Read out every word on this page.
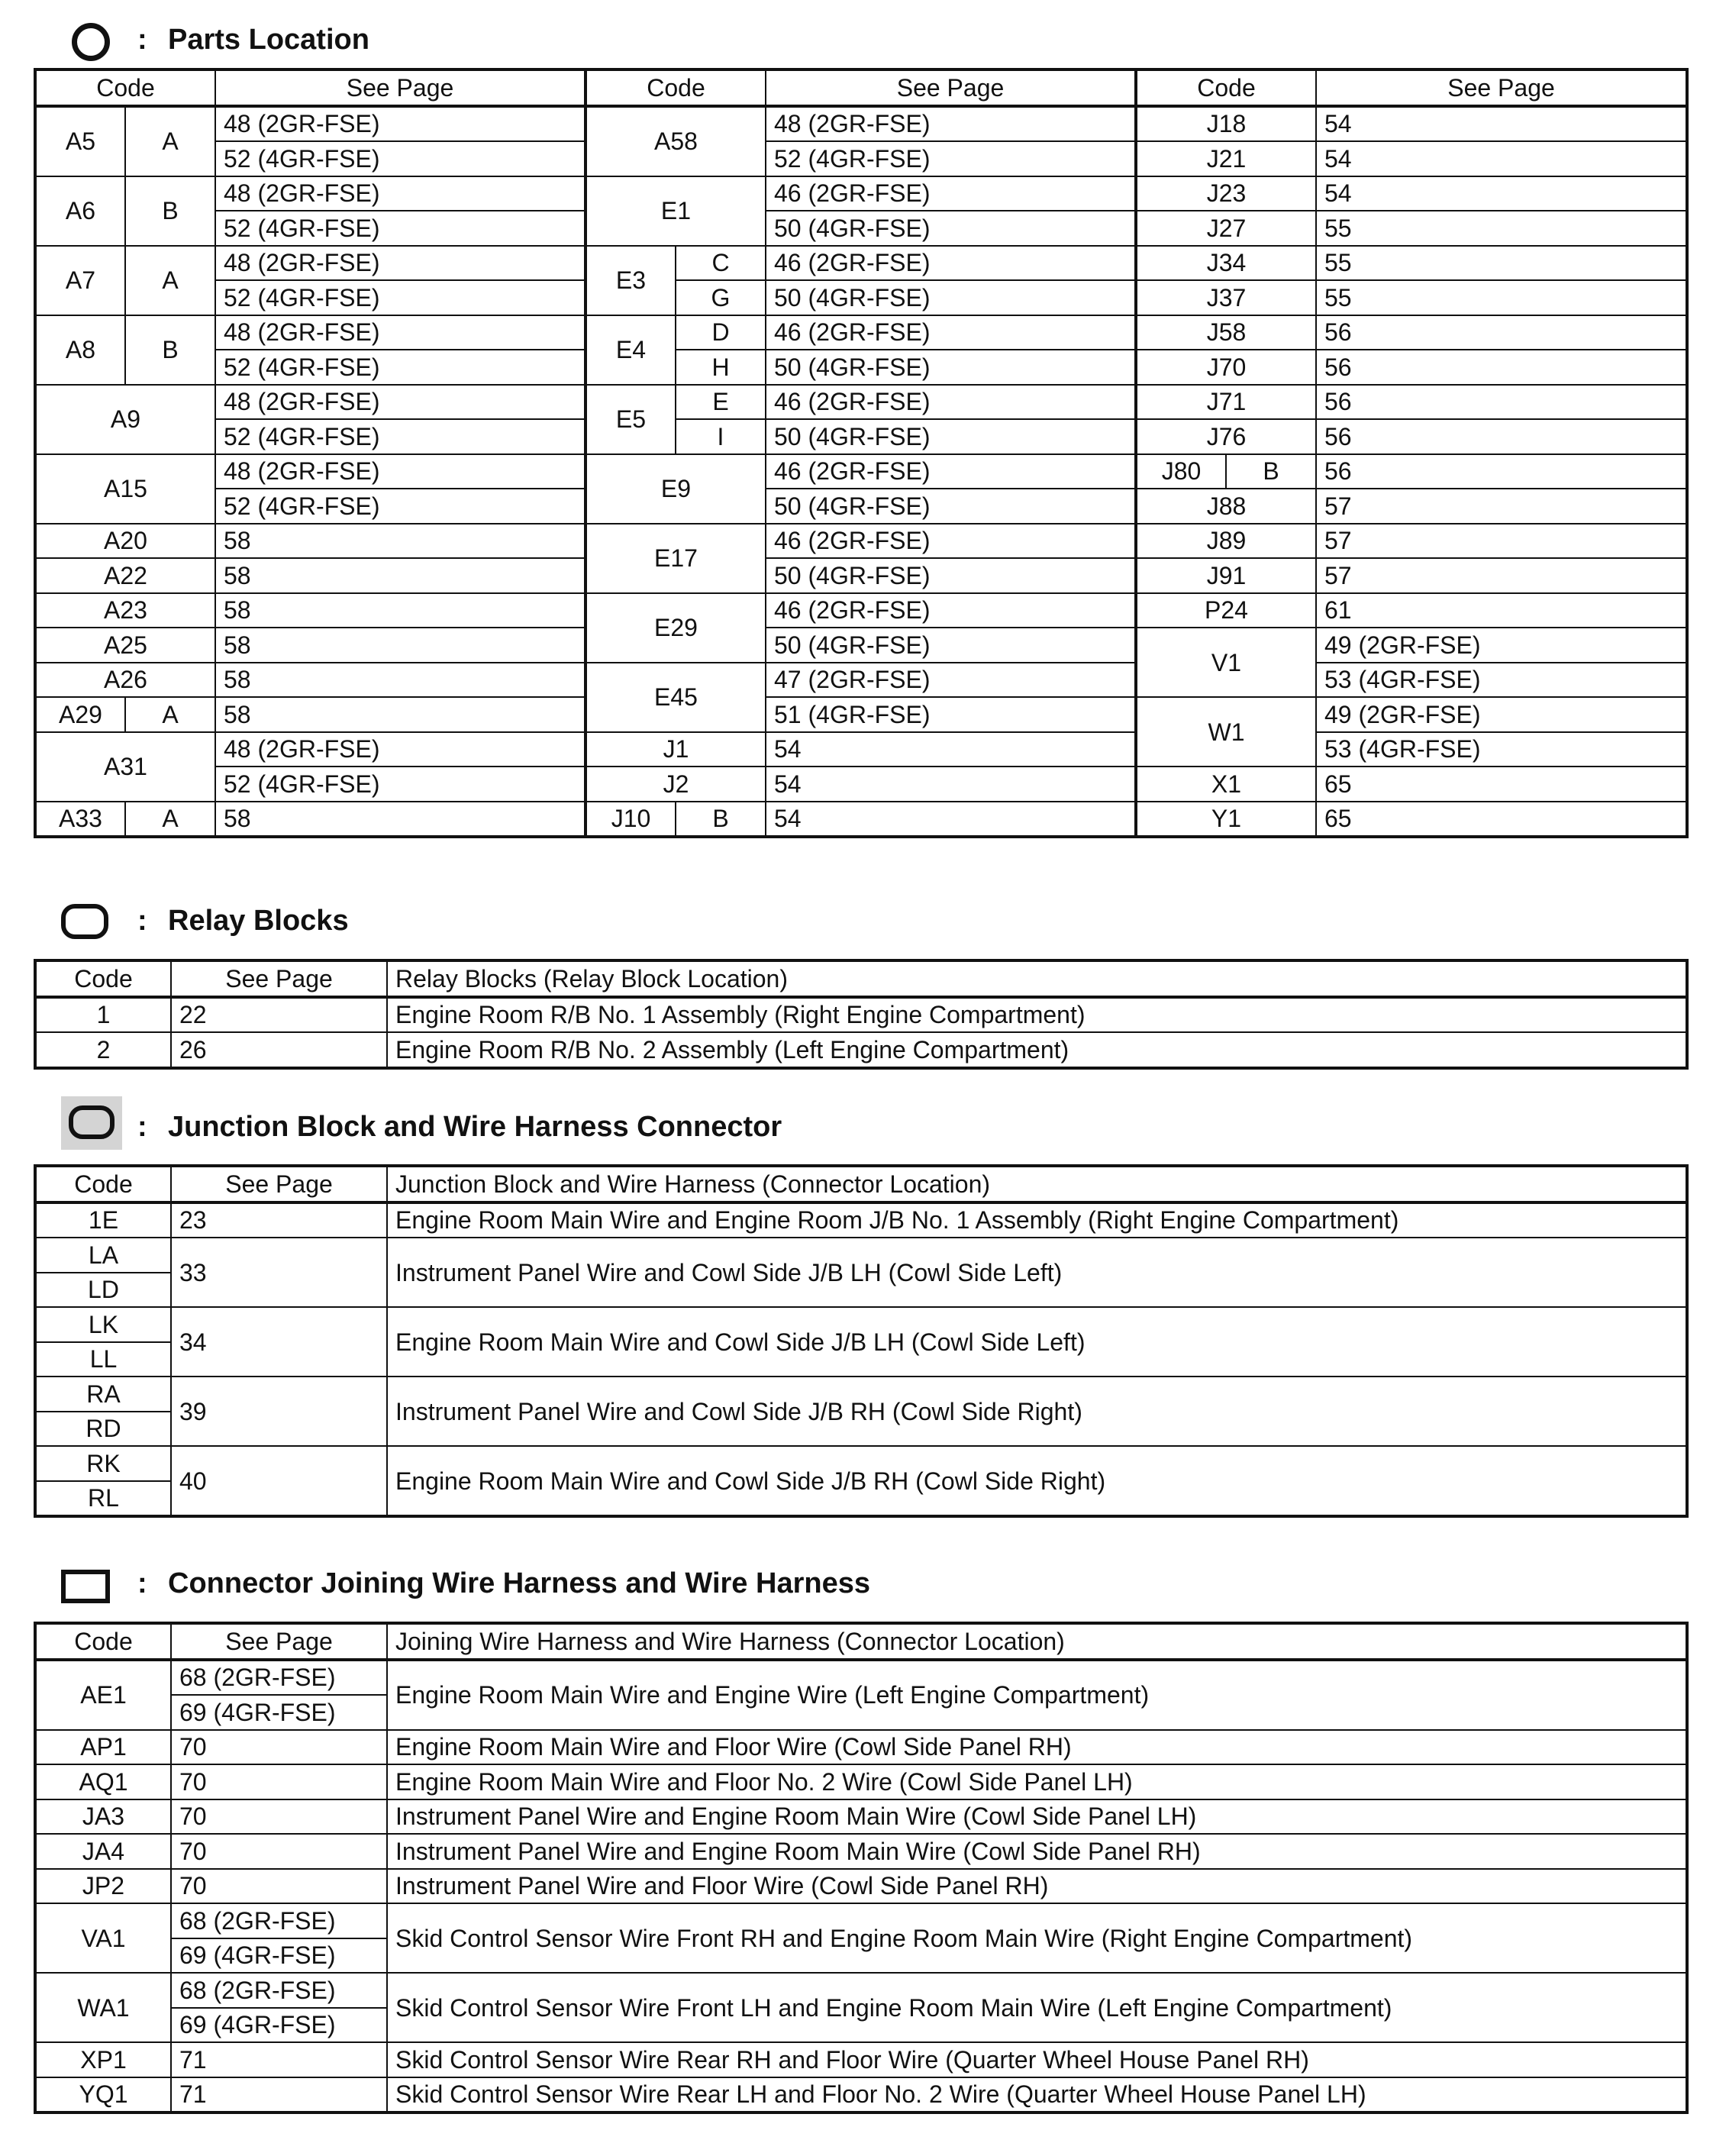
: Parts Location
Code		See Page	Code		See Page	Code		See Page
A5	A	48 (2GR-FSE)	A58		48 (2GR-FSE)	J18		54
		52 (4GR-FSE)			52 (4GR-FSE)	J21		54
A6	B	48 (2GR-FSE)	E1		46 (2GR-FSE)	J23		54
		52 (4GR-FSE)			50 (4GR-FSE)	J27		55
A7	A	48 (2GR-FSE)	E3	C	46 (2GR-FSE)	J34		55
		52 (4GR-FSE)		G	50 (4GR-FSE)	J37		55
A8	B	48 (2GR-FSE)	E4	D	46 (2GR-FSE)	J58		56
		52 (4GR-FSE)		H	50 (4GR-FSE)	J70		56
A9		48 (2GR-FSE)	E5	E	46 (2GR-FSE)	J71		56
		52 (4GR-FSE)		I	50 (4GR-FSE)	J76		56
A15		48 (2GR-FSE)	E9		46 (2GR-FSE)	J80	B	56
		52 (4GR-FSE)			50 (4GR-FSE)	J88		57
A20		58	E17		46 (2GR-FSE)	J89		57
A22		58			50 (4GR-FSE)	J91		57
A23		58	E29		46 (2GR-FSE)	P24		61
A25		58			50 (4GR-FSE)	V1		49 (2GR-FSE)
A26		58	E45		47 (2GR-FSE)			53 (4GR-FSE)
A29	A	58			51 (4GR-FSE)	W1		49 (2GR-FSE)
A31		48 (2GR-FSE)	J1		54			53 (4GR-FSE)
		52 (4GR-FSE)	J2		54	X1		65
A33	A	58	J10	B	54	Y1		65
: Relay Blocks
Code	See Page	Relay Blocks (Relay Block Location)
1	22	Engine Room R/B No. 1 Assembly (Right Engine Compartment)
2	26	Engine Room R/B No. 2 Assembly (Left Engine Compartment)
: Junction Block and Wire Harness Connector
Code	See Page	Junction Block and Wire Harness (Connector Location)
1E	23	Engine Room Main Wire and Engine Room J/B No. 1 Assembly (Right Engine Compartment)
LA	33	Instrument Panel Wire and Cowl Side J/B LH (Cowl Side Left)
LD		
LK	34	Engine Room Main Wire and Cowl Side J/B LH (Cowl Side Left)
LL		
RA	39	Instrument Panel Wire and Cowl Side J/B RH (Cowl Side Right)
RD		
RK	40	Engine Room Main Wire and Cowl Side J/B RH (Cowl Side Right)
RL		
: Connector Joining Wire Harness and Wire Harness
Code	See Page	Joining Wire Harness and Wire Harness (Connector Location)
AE1	68 (2GR-FSE)	Engine Room Main Wire and Engine Wire (Left Engine Compartment)
	69 (4GR-FSE)	
AP1	70	Engine Room Main Wire and Floor Wire (Cowl Side Panel RH)
AQ1	70	Engine Room Main Wire and Floor No. 2 Wire (Cowl Side Panel LH)
JA3	70	Instrument Panel Wire and Engine Room Main Wire (Cowl Side Panel LH)
JA4	70	Instrument Panel Wire and Engine Room Main Wire (Cowl Side Panel RH)
JP2	70	Instrument Panel Wire and Floor Wire (Cowl Side Panel RH)
VA1	68 (2GR-FSE)	Skid Control Sensor Wire Front RH and Engine Room Main Wire (Right Engine Compartment)
	69 (4GR-FSE)	
WA1	68 (2GR-FSE)	Skid Control Sensor Wire Front LH and Engine Room Main Wire (Left Engine Compartment)
	69 (4GR-FSE)	
XP1	71	Skid Control Sensor Wire Rear RH and Floor Wire (Quarter Wheel House Panel RH)
YQ1	71	Skid Control Sensor Wire Rear LH and Floor No. 2 Wire (Quarter Wheel House Panel LH)
